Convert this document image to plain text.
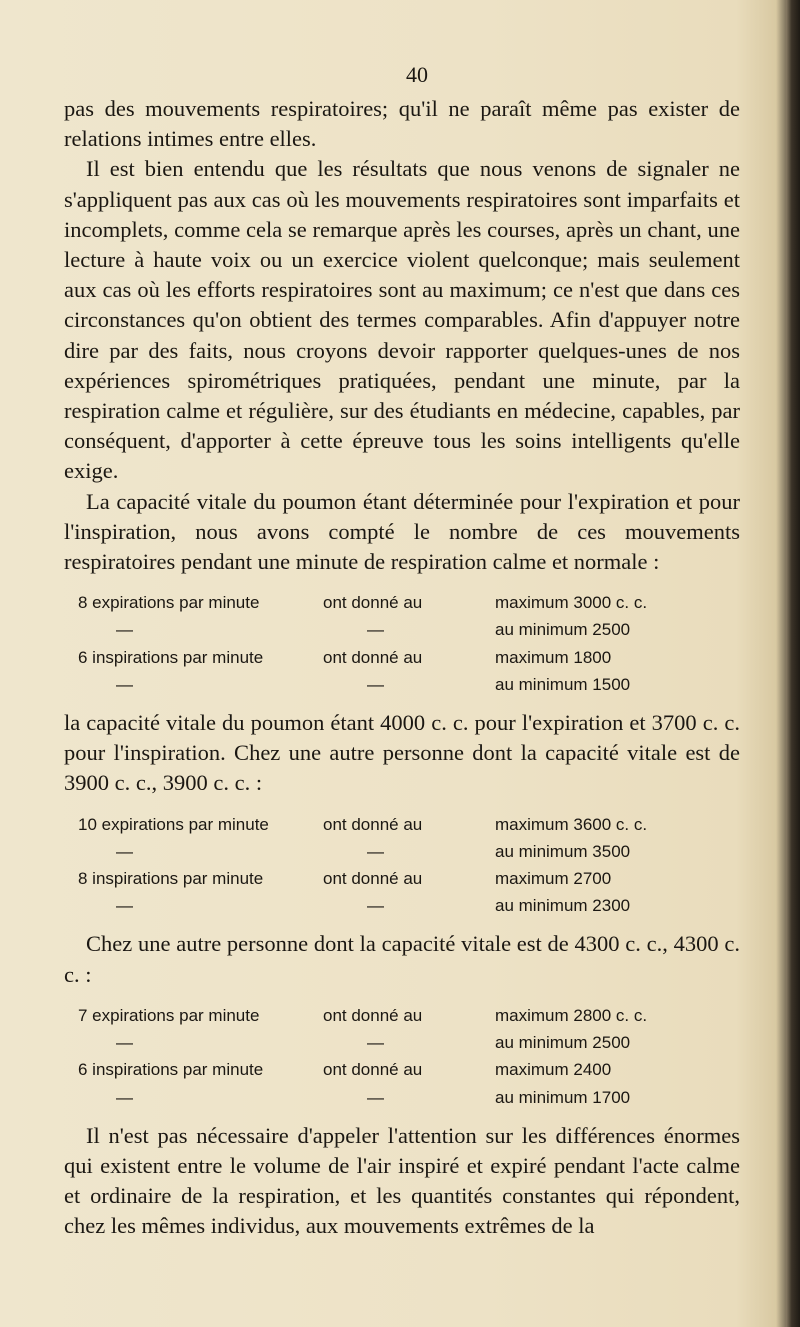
40

pas des mouvements respiratoires; qu'il ne paraît même pas exister de relations intimes entre elles.

Il est bien entendu que les résultats que nous venons de signaler ne s'appliquent pas aux cas où les mouvements respiratoires sont imparfaits et incomplets, comme cela se remarque après les courses, après un chant, une lecture à haute voix ou un exercice violent quelconque; mais seulement aux cas où les efforts respiratoires sont au maximum; ce n'est que dans ces circonstances qu'on obtient des termes comparables. Afin d'appuyer notre dire par des faits, nous croyons devoir rapporter quelques-unes de nos expériences spirométriques pratiquées, pendant une minute, par la respiration calme et régulière, sur des étudiants en médecine, capables, par conséquent, d'apporter à cette épreuve tous les soins intelligents qu'elle exige.

La capacité vitale du poumon étant déterminée pour l'expiration et pour l'inspiration, nous avons compté le nombre de ces mouvements respiratoires pendant une minute de respiration calme et normale :

8 expirations par minute	ont donné au	maximum 3000 c. c.
—	—	au minimum 2500
6 inspirations par minute	ont donné au	maximum 1800
—	—	au minimum 1500

la capacité vitale du poumon étant 4000 c. c. pour l'expiration et 3700 c. c. pour l'inspiration. Chez une autre personne dont la capacité vitale est de 3900 c. c., 3900 c. c. :

10 expirations par minute	ont donné au	maximum 3600 c. c.
—	—	au minimum 3500
8 inspirations par minute	ont donné au	maximum 2700
—	—	au minimum 2300

Chez une autre personne dont la capacité vitale est de 4300 c. c., 4300 c. c. :

7 expirations par minute	ont donné au	maximum 2800 c. c.
—	—	au minimum 2500
6 inspirations par minute	ont donné au	maximum 2400
—	—	au minimum 1700

Il n'est pas nécessaire d'appeler l'attention sur les différences énormes qui existent entre le volume de l'air inspiré et expiré pendant l'acte calme et ordinaire de la respiration, et les quantités constantes qui répondent, chez les mêmes individus, aux mouvements extrêmes de la
